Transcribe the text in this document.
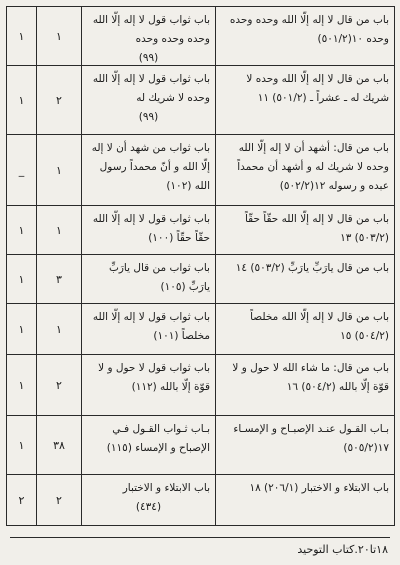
باب من قال لا إله إلّا الله وحده وحده وحده ١٠(٥٠١/٢)
باب ثواب قول لا إله إلّا الله وحده وحده وحده
(٩٩)
١
١
باب من قال لا إله إلّا الله وحده لا شريك له ـ عشراً ـ (٥٠١/٢) ١١
باب ثواب قول لا إله إلّا الله وحده لا شريك له
(٩٩)
٢
١
باب من قال: أشهد أن لا إله إلّا الله وحده لا شريك له و أشهد أن محمداً عبده و رسوله ١٢(٥٠٢/٢)
باب ثواب من شهد أن لا إله إلّا الله و أنّ محمداً رسول الله (١٠٢)
١
_
باب من قال لا إله إلّا الله حقّاً حقّاً (٥٠٣/٢) ١٣
باب ثواب قول لا إله إلّا الله حقّاً حقّاً (١٠٠)
١
١
باب من قال يارَبِّ يارَبِّ (٥٠٣/٢) ١٤
باب ثواب من قال يارَبِّ يارَبِّ (١٠٥)
٣
١
باب من قال لا إله إلّا الله مخلصاً (٥٠٤/٢) ١٥
باب ثواب قول لا إله إلّا الله مخلصاً (١٠١)
١
١
باب من قال: ما شاء الله لا حول و لا قوّة إلّا بالله (٥٠٤/٢) ١٦
باب ثواب قول لا حول و لا قوّة إلّا بالله (١١٢)
٢
١
بـاب القـول عنـد الإصبـاح و الإمسـاء ١٧(٥٠٥/٢)
بـاب ثـواب القـول فـي الإصباح و الإمساء (١١٥)
٣٨
١
باب الابتلاء و الاختبار (٢٠٦/١) ١٨
باب الابتلاء و الاختبار
(٤٣٤)
٢
٢
١٨تا٢٠.كتاب التوحيد
